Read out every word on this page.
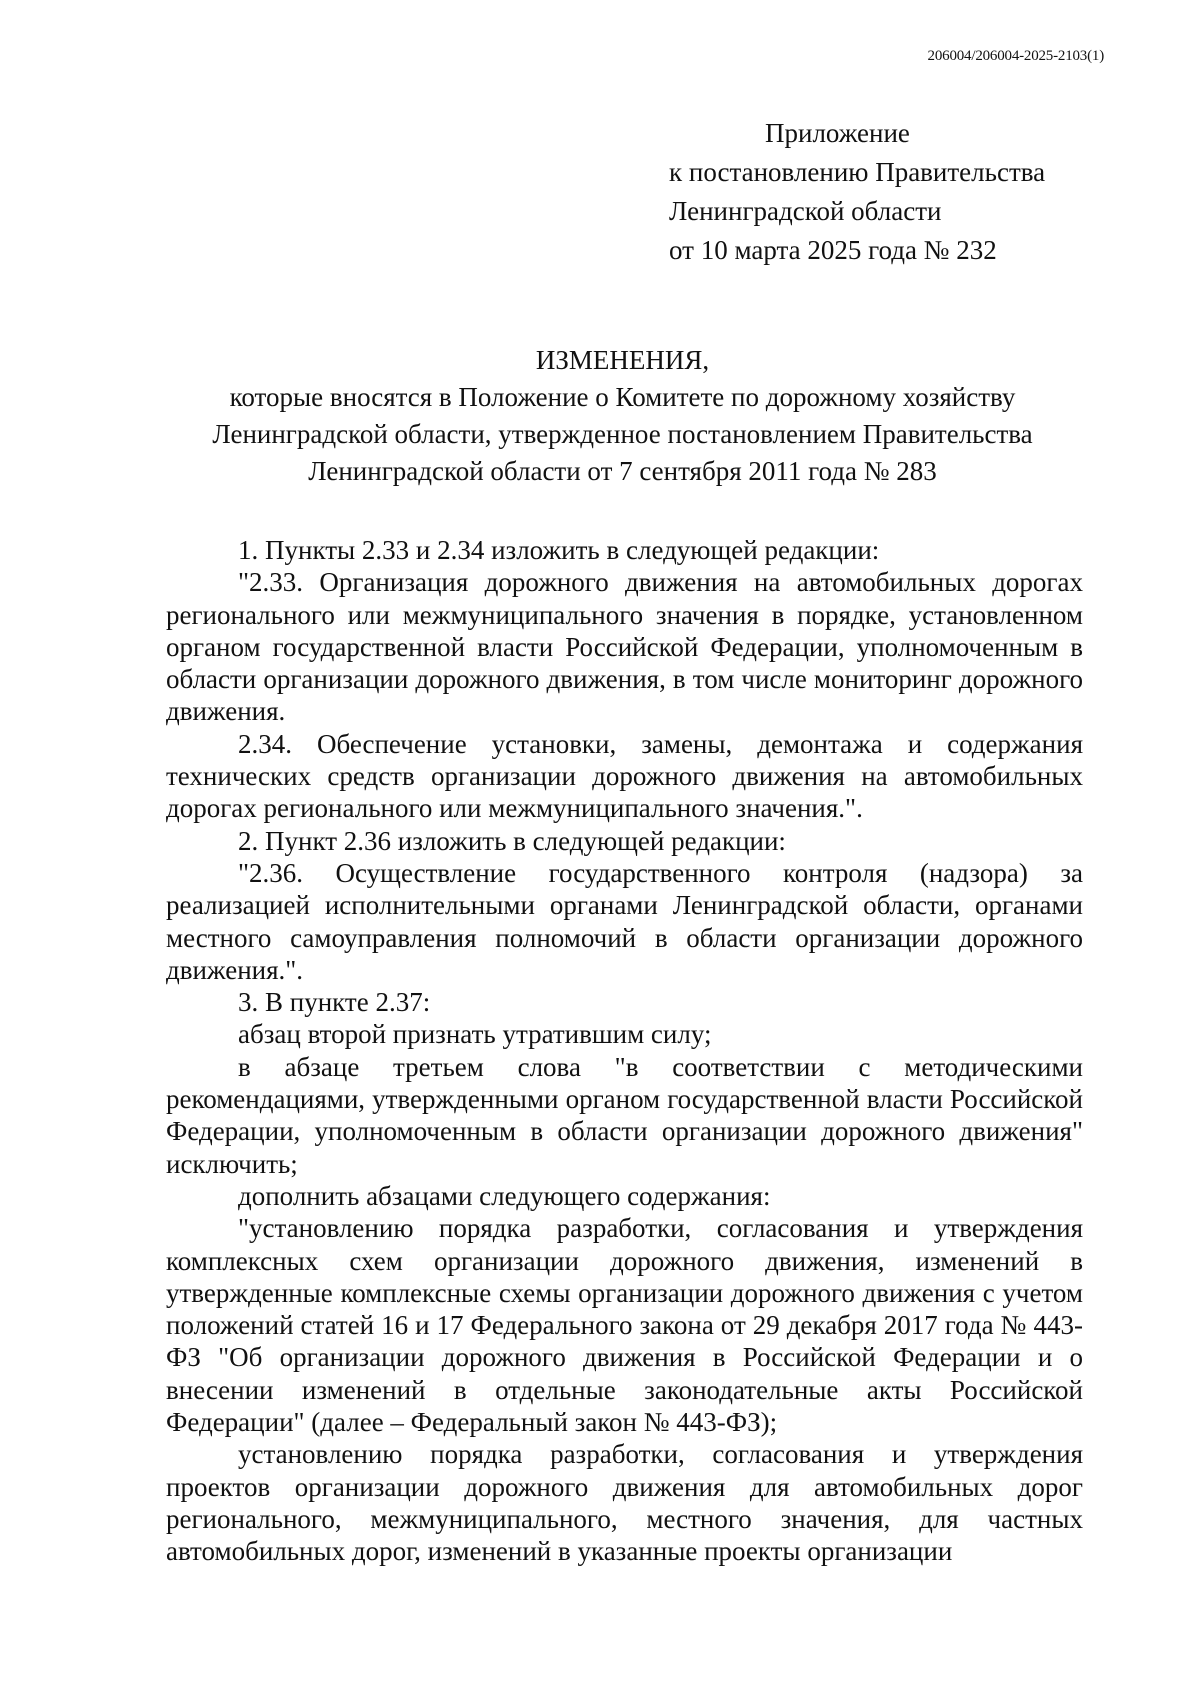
206004/206004-2025-2103(1)
Приложение
к постановлению Правительства
Ленинградской области
от 10 марта 2025 года № 232
ИЗМЕНЕНИЯ,
которые вносятся в Положение о Комитете по дорожному хозяйству
Ленинградской области, утвержденное постановлением Правительства
Ленинградской области от 7 сентября 2011 года № 283

1. Пункты 2.33 и 2.34 изложить в следующей редакции:

"2.33. Организация дорожного движения на автомобильных дорогах регионального или межмуниципального значения в порядке, установленном органом государственной власти Российской Федерации, уполномоченным в области организации дорожного движения, в том числе мониторинг дорожного движения.

2.34. Обеспечение установки, замены, демонтажа и содержания технических средств организации дорожного движения на автомобильных дорогах регионального или межмуниципального значения.".

2. Пункт 2.36 изложить в следующей редакции:

"2.36. Осуществление государственного контроля (надзора) за реализацией исполнительными органами Ленинградской области, органами местного самоуправления полномочий в области организации дорожного движения.".

3. В пункте 2.37:

абзац второй признать утратившим силу;

в абзаце третьем слова "в соответствии с методическими рекомендациями, утвержденными органом государственной власти Российской Федерации, уполномоченным в области организации дорожного движения" исключить;

дополнить абзацами следующего содержания:

"установлению порядка разработки, согласования и утверждения комплексных схем организации дорожного движения, изменений в утвержденные комплексные схемы организации дорожного движения с учетом положений статей 16 и 17 Федерального закона от 29 декабря 2017 года № 443-ФЗ "Об организации дорожного движения в Российской Федерации и о внесении изменений в отдельные законодательные акты Российской Федерации" (далее – Федеральный закон № 443-ФЗ);

установлению порядка разработки, согласования и утверждения проектов организации дорожного движения для автомобильных дорог регионального, межмуниципального, местного значения, для частных автомобильных дорог, изменений в указанные проекты организации
